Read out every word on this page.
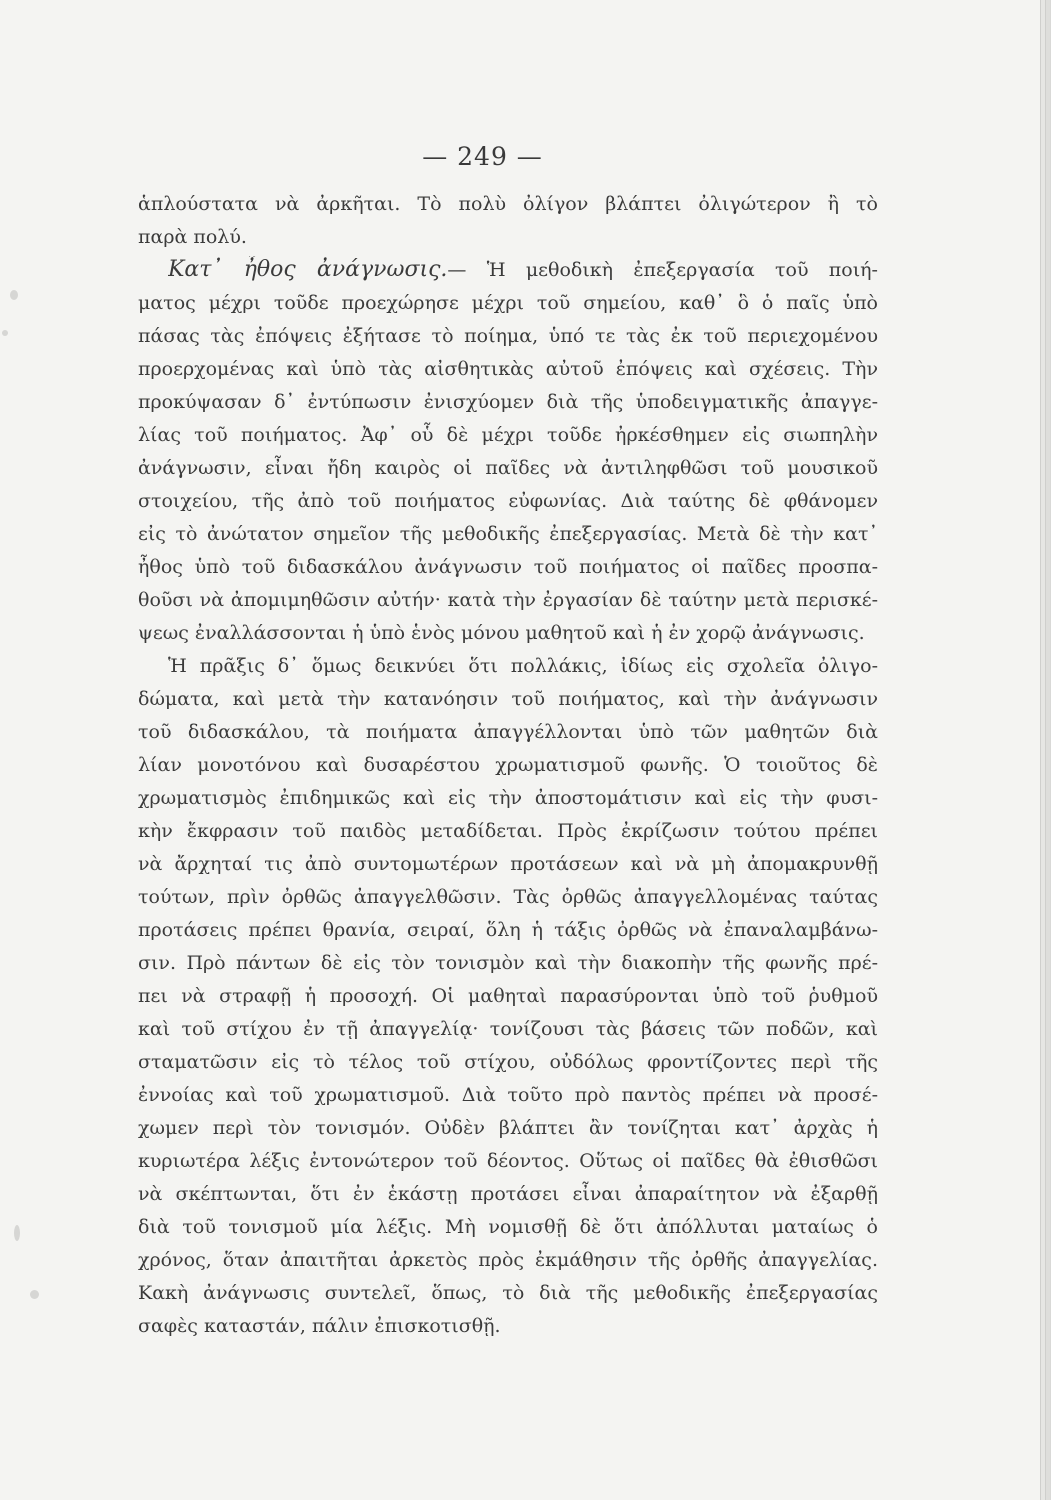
— 249 —
ἁπλούστατα νὰ ἀρκῆται. Τὸ πολὺ ὀλίγον βλάπτει ὀλιγώτερον ἢ τὸ
παρὰ πολύ.
Κατ᾽ ἦθος ἀνάγνωσις.— Ἡ μεθοδικὴ ἐπεξεργασία τοῦ ποιή-
ματος μέχρι τοῦδε προεχώρησε μέχρι τοῦ σημείου, καθ᾽ ὃ ὁ παῖς ὑπὸ
πάσας τὰς ἐπόψεις ἐξήτασε τὸ ποίημα, ὑπό τε τὰς ἐκ τοῦ περιεχομένου
προερχομένας καὶ ὑπὸ τὰς αἰσθητικὰς αὐτοῦ ἐπόψεις καὶ σχέσεις. Τὴν
προκύψασαν δ᾽ ἐντύπωσιν ἐνισχύομεν διὰ τῆς ὑποδειγματικῆς ἀπαγγε-
λίας τοῦ ποιήματος. Ἀφ᾽ οὗ δὲ μέχρι τοῦδε ἠρκέσθημεν εἰς σιωπηλὴν
ἀνάγνωσιν, εἶναι ἤδη καιρὸς οἱ παῖδες νὰ ἀντιληφθῶσι τοῦ μουσικοῦ
στοιχείου, τῆς ἀπὸ τοῦ ποιήματος εὐφωνίας. Διὰ ταύτης δὲ φθάνομεν
εἰς τὸ ἀνώτατον σημεῖον τῆς μεθοδικῆς ἐπεξεργασίας. Μετὰ δὲ τὴν κατ᾽
ἦθος ὑπὸ τοῦ διδασκάλου ἀνάγνωσιν τοῦ ποιήματος οἱ παῖδες προσπα-
θοῦσι νὰ ἀπομιμηθῶσιν αὐτήν· κατὰ τὴν ἐργασίαν δὲ ταύτην μετὰ περισκέ-
ψεως ἐναλλάσσονται ἡ ὑπὸ ἑνὸς μόνου μαθητοῦ καὶ ἡ ἐν χορῷ ἀνάγνωσις.
Ἡ πρᾶξις δ᾽ ὅμως δεικνύει ὅτι πολλάκις, ἰδίως εἰς σχολεῖα ὀλιγο-
δώματα, καὶ μετὰ τὴν κατανόησιν τοῦ ποιήματος, καὶ τὴν ἀνάγνωσιν
τοῦ διδασκάλου, τὰ ποιήματα ἀπαγγέλλονται ὑπὸ τῶν μαθητῶν διὰ
λίαν μονοτόνου καὶ δυσαρέστου χρωματισμοῦ φωνῆς. Ὁ τοιοῦτος δὲ
χρωματισμὸς ἐπιδημικῶς καὶ εἰς τὴν ἀποστομάτισιν καὶ εἰς τὴν φυσι-
κὴν ἔκφρασιν τοῦ παιδὸς μεταδίδεται. Πρὸς ἐκρίζωσιν τούτου πρέπει
νὰ ἄρχηταί τις ἀπὸ συντομωτέρων προτάσεων καὶ νὰ μὴ ἀπομακρυνθῇ
τούτων, πρὶν ὀρθῶς ἀπαγγελθῶσιν. Τὰς ὀρθῶς ἀπαγγελλομένας ταύτας
προτάσεις πρέπει θρανία, σειραί, ὅλη ἡ τάξις ὀρθῶς νὰ ἐπαναλαμβάνω-
σιν. Πρὸ πάντων δὲ εἰς τὸν τονισμὸν καὶ τὴν διακοπὴν τῆς φωνῆς πρέ-
πει νὰ στραφῇ ἡ προσοχή. Οἱ μαθηταὶ παρασύρονται ὑπὸ τοῦ ῥυθμοῦ
καὶ τοῦ στίχου ἐν τῇ ἀπαγγελίᾳ· τονίζουσι τὰς βάσεις τῶν ποδῶν, καὶ
σταματῶσιν εἰς τὸ τέλος τοῦ στίχου, οὐδόλως φροντίζοντες περὶ τῆς
ἐννοίας καὶ τοῦ χρωματισμοῦ. Διὰ τοῦτο πρὸ παντὸς πρέπει νὰ προσέ-
χωμεν περὶ τὸν τονισμόν. Οὐδὲν βλάπτει ἂν τονίζηται κατ᾽ ἀρχὰς ἡ
κυριωτέρα λέξις ἐντονώτερον τοῦ δέοντος. Οὕτως οἱ παῖδες θὰ ἐθισθῶσι
νὰ σκέπτωνται, ὅτι ἐν ἑκάστῃ προτάσει εἶναι ἀπαραίτητον νὰ ἐξαρθῇ
διὰ τοῦ τονισμοῦ μία λέξις. Μὴ νομισθῇ δὲ ὅτι ἀπόλλυται ματαίως ὁ
χρόνος, ὅταν ἀπαιτῆται ἀρκετὸς πρὸς ἐκμάθησιν τῆς ὀρθῆς ἀπαγγελίας.
Κακὴ ἀνάγνωσις συντελεῖ, ὅπως, τὸ διὰ τῆς μεθοδικῆς ἐπεξεργασίας
σαφὲς καταστάν, πάλιν ἐπισκοτισθῇ.
